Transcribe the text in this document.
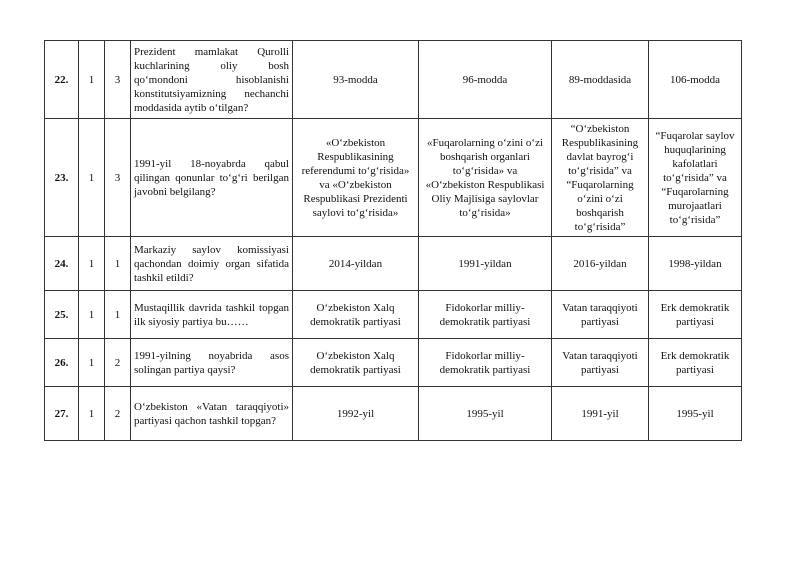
22.	1	3	Prezident mamlakat Qurolli kuchlarining oliy bosh qo‘mondoni hisoblanishi konstitutsiyamizning nechanchi moddasida aytib o‘tilgan?	93-modda	96-modda	89-moddasida	106-modda
23.	1	3	1991-yil 18-noyabrda qabul qilingan qonunlar to‘g‘ri berilgan javobni belgilang?	«O‘zbekiston Respublikasining referendumi to‘g‘risida» va «O‘zbekiston Respublikasi Prezidenti saylovi to‘g‘risida»	«Fuqarolarning o‘zini o‘zi boshqarish organlari to‘g‘risida» va «O‘zbekiston Respublikasi Oliy Majlisiga saylovlar to‘g‘risida»	“O‘zbekiston Respublikasining davlat bayrog‘i to‘g‘risida” va “Fuqarolarning o‘zini o‘zi boshqarish to‘g‘risida”	“Fuqarolar saylov huquqlarining kafolatlari to‘g‘risida” va “Fuqarolarning murojaatlari to‘g‘risida”
24.	1	1	Markaziy saylov komissiyasi qachondan doimiy organ sifatida tashkil etildi?	2014-yildan	1991-yildan	2016-yildan	1998-yildan
25.	1	1	Mustaqillik davrida tashkil topgan ilk siyosiy partiya bu……	O‘zbekiston Xalq demokratik partiyasi	Fidokorlar milliy-demokratik partiyasi	Vatan taraqqiyoti partiyasi	Erk demokratik partiyasi
26.	1	2	1991-yilning noyabrida asos solingan partiya qaysi?	O‘zbekiston Xalq demokratik partiyasi	Fidokorlar milliy-demokratik partiyasi	Vatan taraqqiyoti partiyasi	Erk demokratik partiyasi
27.	1	2	O‘zbekiston «Vatan taraqqiyoti» partiyasi qachon tashkil topgan?	1992-yil	1995-yil	1991-yil	1995-yil
